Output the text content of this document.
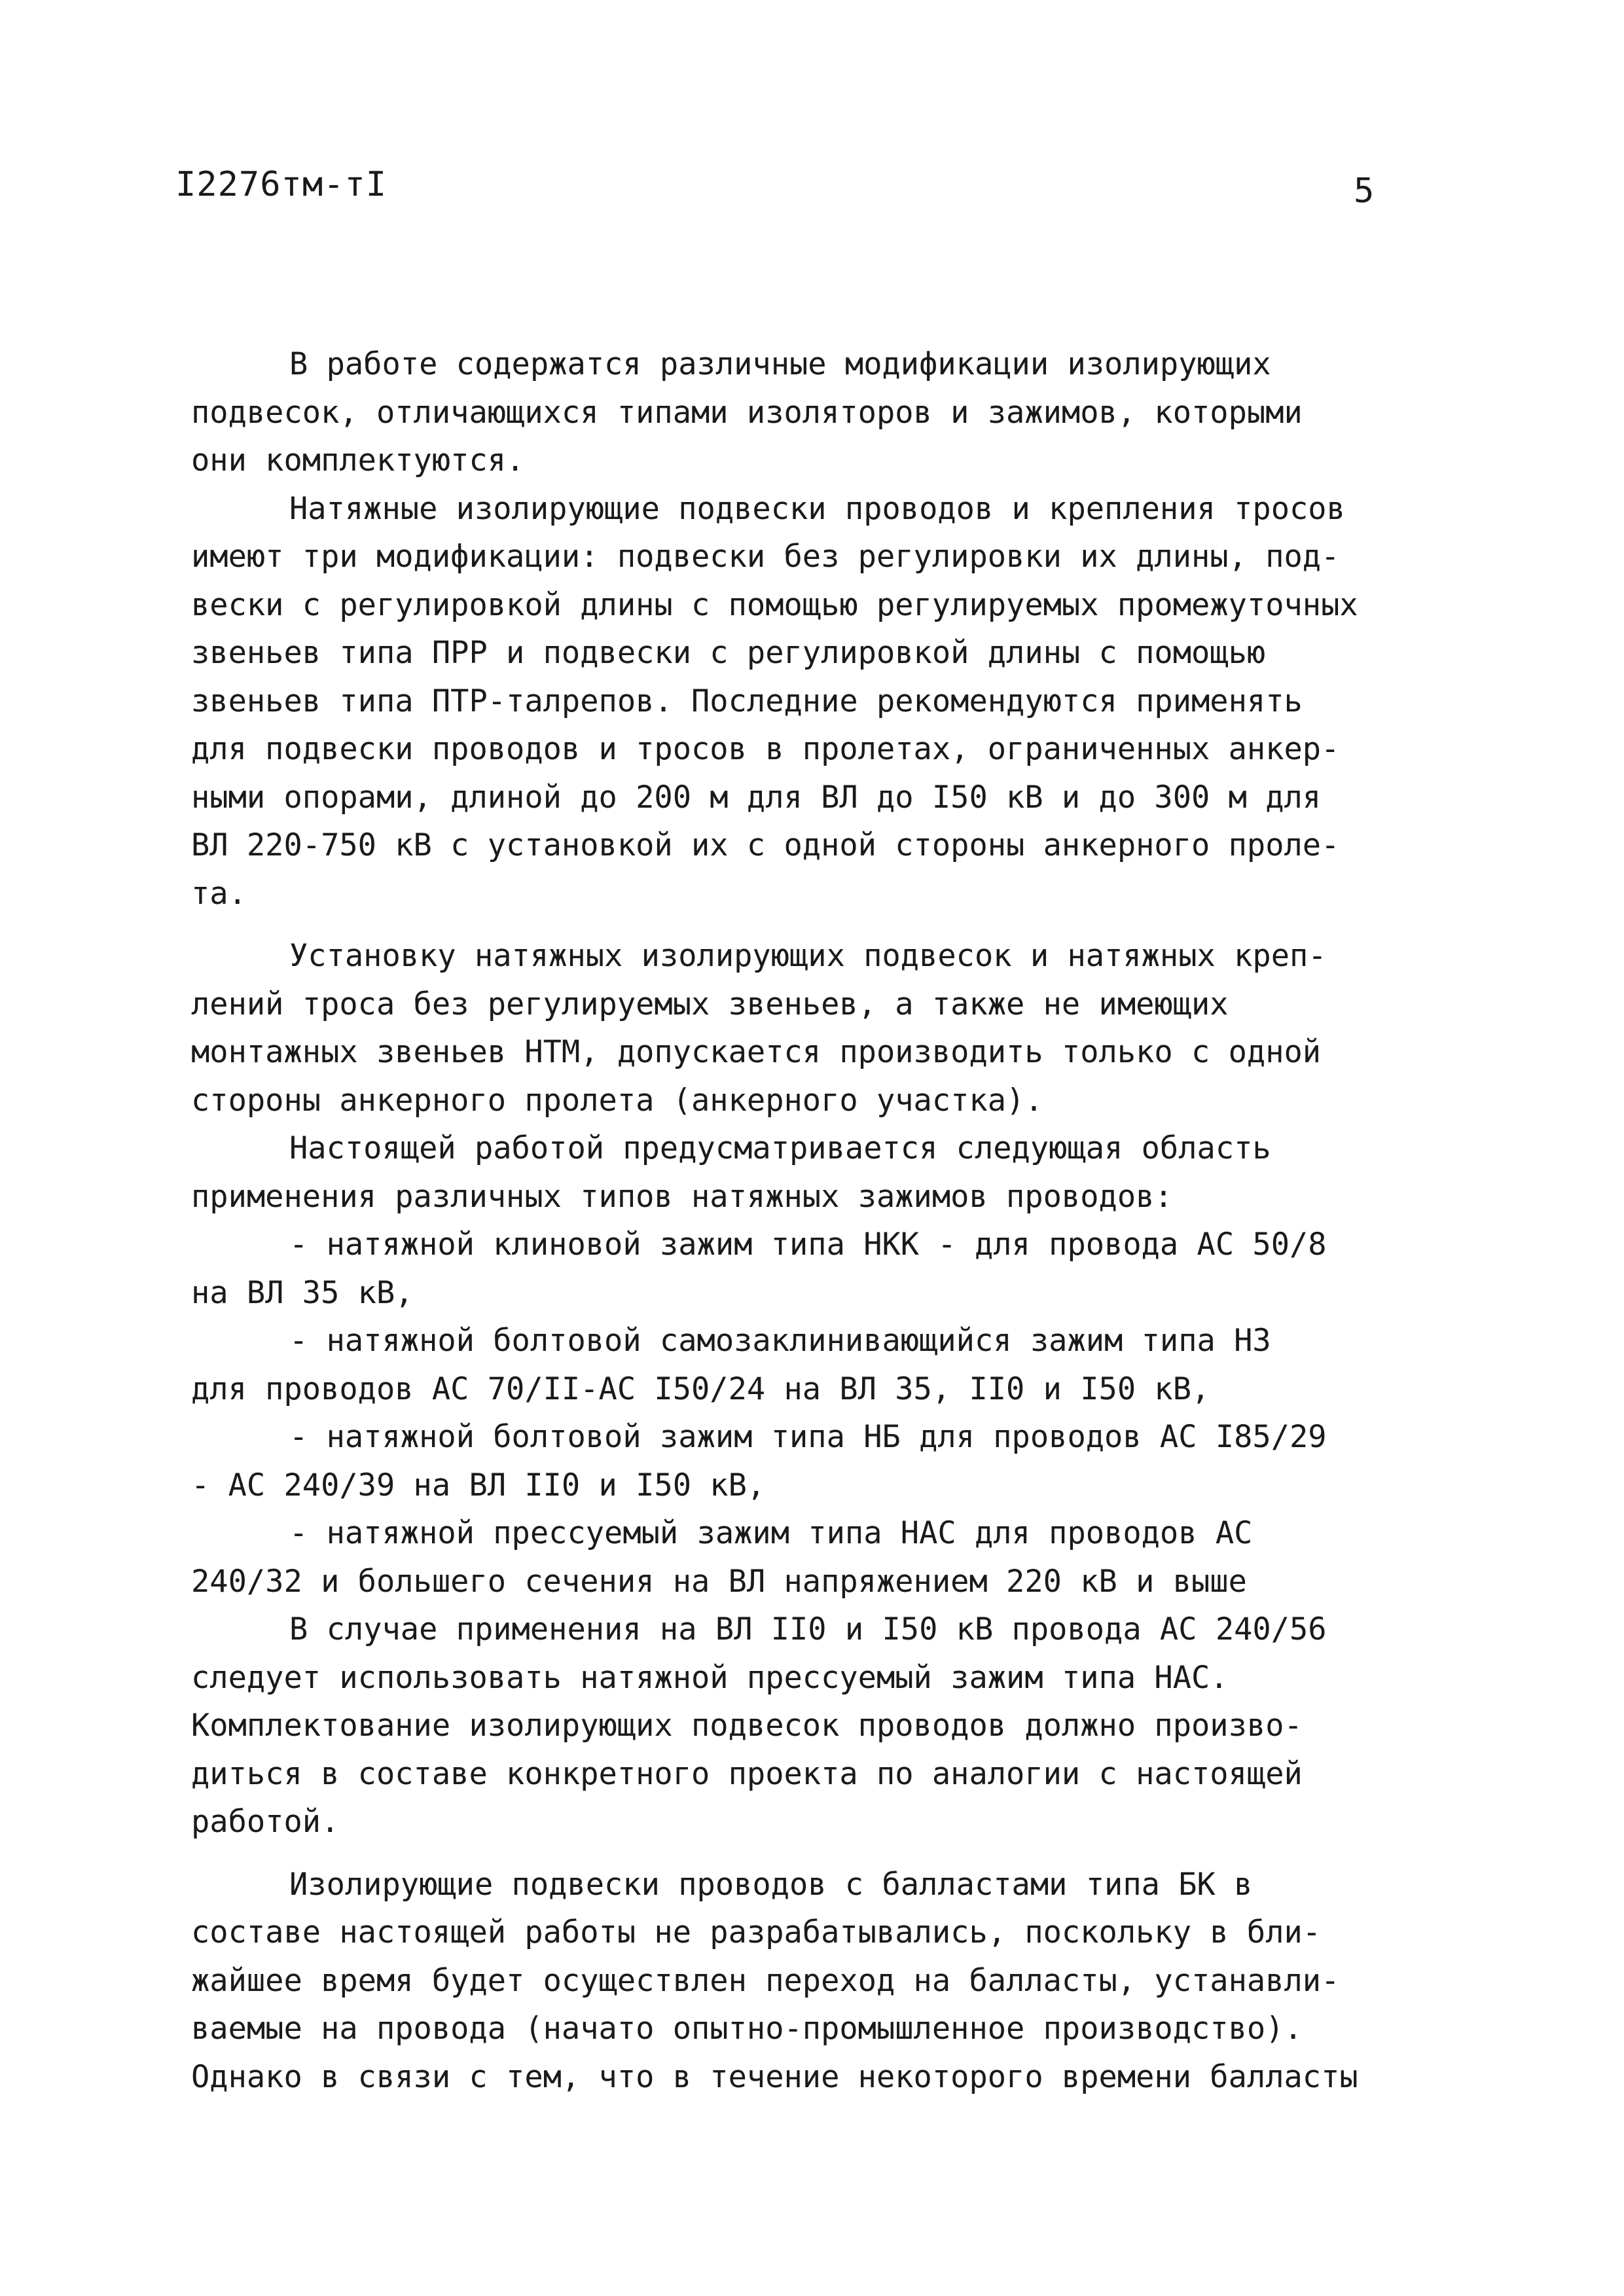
I2276тм-тI	5
В работе содержатся различные модификации изолирующих
подвесок, отличающихся типами изоляторов и зажимов, которыми
они комплектуются.
Натяжные изолирующие подвески проводов и крепления тросов
имеют три модификации: подвески без регулировки их длины, под-
вески с регулировкой длины с помощью регулируемых промежуточных
звеньев типа ПРР и подвески с регулировкой длины с помощью
звеньев типа ПТР-талрепов. Последние рекомендуются применять
для подвески проводов и тросов в пролетах, ограниченных анкер-
ными опорами, длиной до 200 м для ВЛ до I50 кВ и до 300 м для
ВЛ 220-750 кВ с установкой их с одной стороны анкерного проле-
та.
Установку натяжных изолирующих подвесок и натяжных креп-
лений троса без регулируемых звеньев, а также не имеющих
монтажных звеньев НТМ, допускается производить только с одной
стороны анкерного пролета (анкерного участка).
Настоящей работой предусматривается следующая область
применения различных типов натяжных зажимов проводов:
- натяжной клиновой зажим типа НКК - для провода АС 50/8
на ВЛ 35 кВ,
- натяжной болтовой самозаклинивающийся зажим типа НЗ
для проводов АС 70/II-АС I50/24 на ВЛ 35, II0 и I50 кВ,
- натяжной болтовой зажим типа НБ для проводов АС I85/29
- АС 240/39 на ВЛ II0 и I50 кВ,
- натяжной прессуемый зажим типа НАС для проводов АС
240/32 и большего сечения на ВЛ напряжением 220 кВ и выше
В случае применения на ВЛ II0 и I50 кВ провода АС 240/56
следует использовать натяжной прессуемый зажим типа НАС.
Комплектование изолирующих подвесок проводов должно произво-
диться в составе конкретного проекта по аналогии с настоящей
работой.
Изолирующие подвески проводов с балластами типа БК в
составе настоящей работы не разрабатывались, поскольку в бли-
жайшее время будет осуществлен переход на балласты, устанавли-
ваемые на провода (начато опытно-промышленное производство).
Однако в связи с тем, что в течение некоторого времени балласты
